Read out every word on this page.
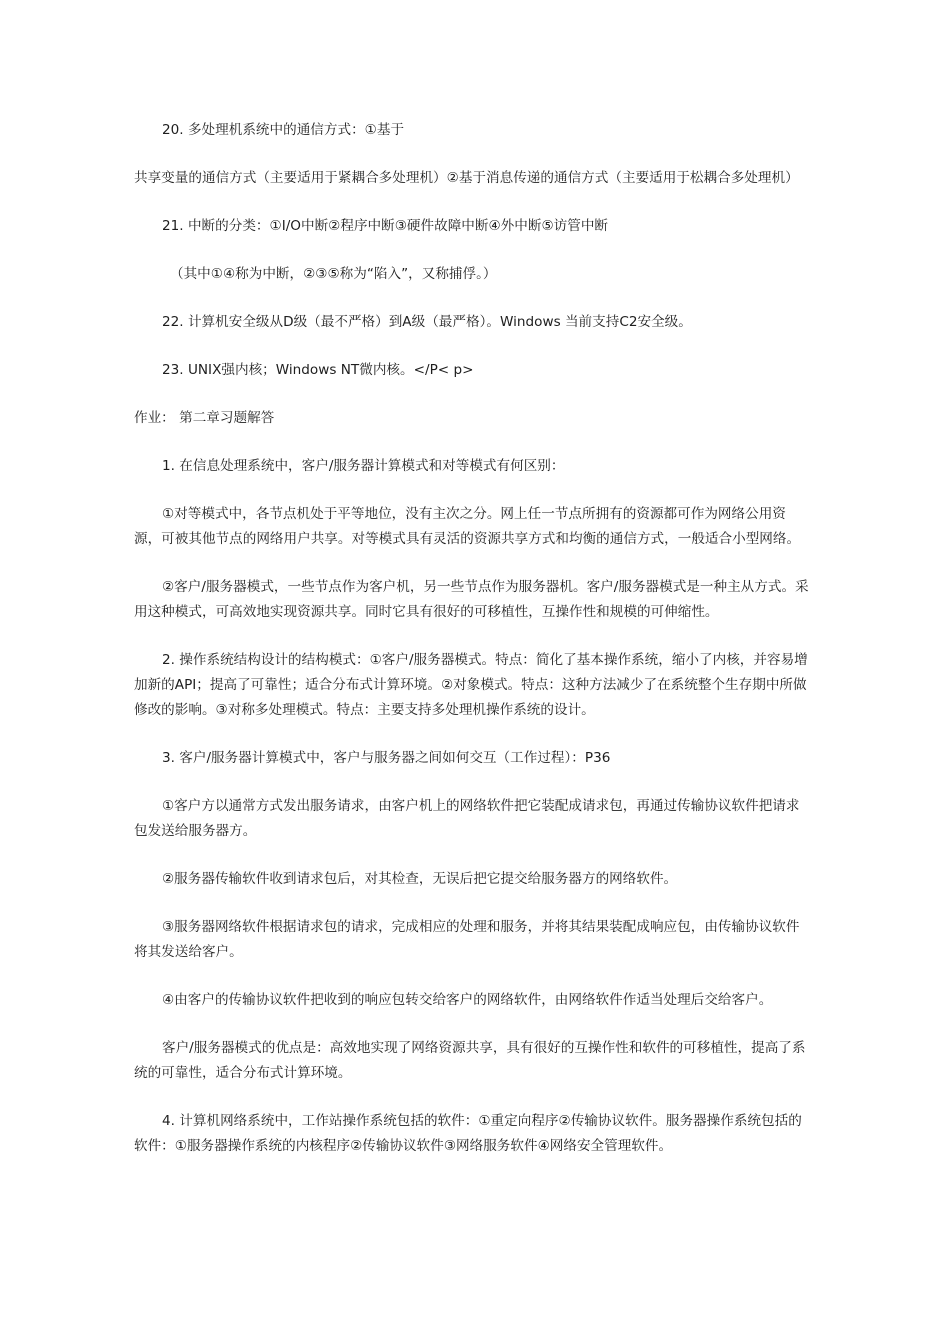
20. 多处理机系统中的通信方式：①基于

共享变量的通信方式（主要适用于紧耦合多处理机）②基于消息传递的通信方式（主要适用于松耦合多处理机）

21. 中断的分类：①I/O中断②程序中断③硬件故障中断④外中断⑤访管中断

（其中①④称为中断，②③⑤称为“陷入”，又称捕俘。）

22. 计算机安全级从D级（最不严格）到A级（最严格）。Windows 当前支持C2安全级。

23. UNIX强内核；Windows NT微内核。</P< p>

作业： 第二章习题解答

1. 在信息处理系统中，客户/服务器计算模式和对等模式有何区别：

①对等模式中，各节点机处于平等地位，没有主次之分。网上任一节点所拥有的资源都可作为网络公用资源，可被其他节点的网络用户共享。对等模式具有灵活的资源共享方式和均衡的通信方式，一般适合小型网络。

②客户/服务器模式，一些节点作为客户机，另一些节点作为服务器机。客户/服务器模式是一种主从方式。采用这种模式，可高效地实现资源共享。同时它具有很好的可移植性，互操作性和规模的可伸缩性。

2. 操作系统结构设计的结构模式：①客户/服务器模式。特点：简化了基本操作系统，缩小了内核，并容易增加新的API；提高了可靠性；适合分布式计算环境。②对象模式。特点：这种方法减少了在系统整个生存期中所做修改的影响。③对称多处理模式。特点：主要支持多处理机操作系统的设计。

3. 客户/服务器计算模式中，客户与服务器之间如何交互（工作过程）：P36

①客户方以通常方式发出服务请求，由客户机上的网络软件把它装配成请求包，再通过传输协议软件把请求包发送给服务器方。

②服务器传输软件收到请求包后，对其检查，无误后把它提交给服务器方的网络软件。

③服务器网络软件根据请求包的请求，完成相应的处理和服务，并将其结果装配成响应包，由传输协议软件将其发送给客户。

④由客户的传输协议软件把收到的响应包转交给客户的网络软件，由网络软件作适当处理后交给客户。

客户/服务器模式的优点是：高效地实现了网络资源共享，具有很好的互操作性和软件的可移植性，提高了系统的可靠性，适合分布式计算环境。

4. 计算机网络系统中，工作站操作系统包括的软件：①重定向程序②传输协议软件。服务器操作系统包括的软件：①服务器操作系统的内核程序②传输协议软件③网络服务软件④网络安全管理软件。
